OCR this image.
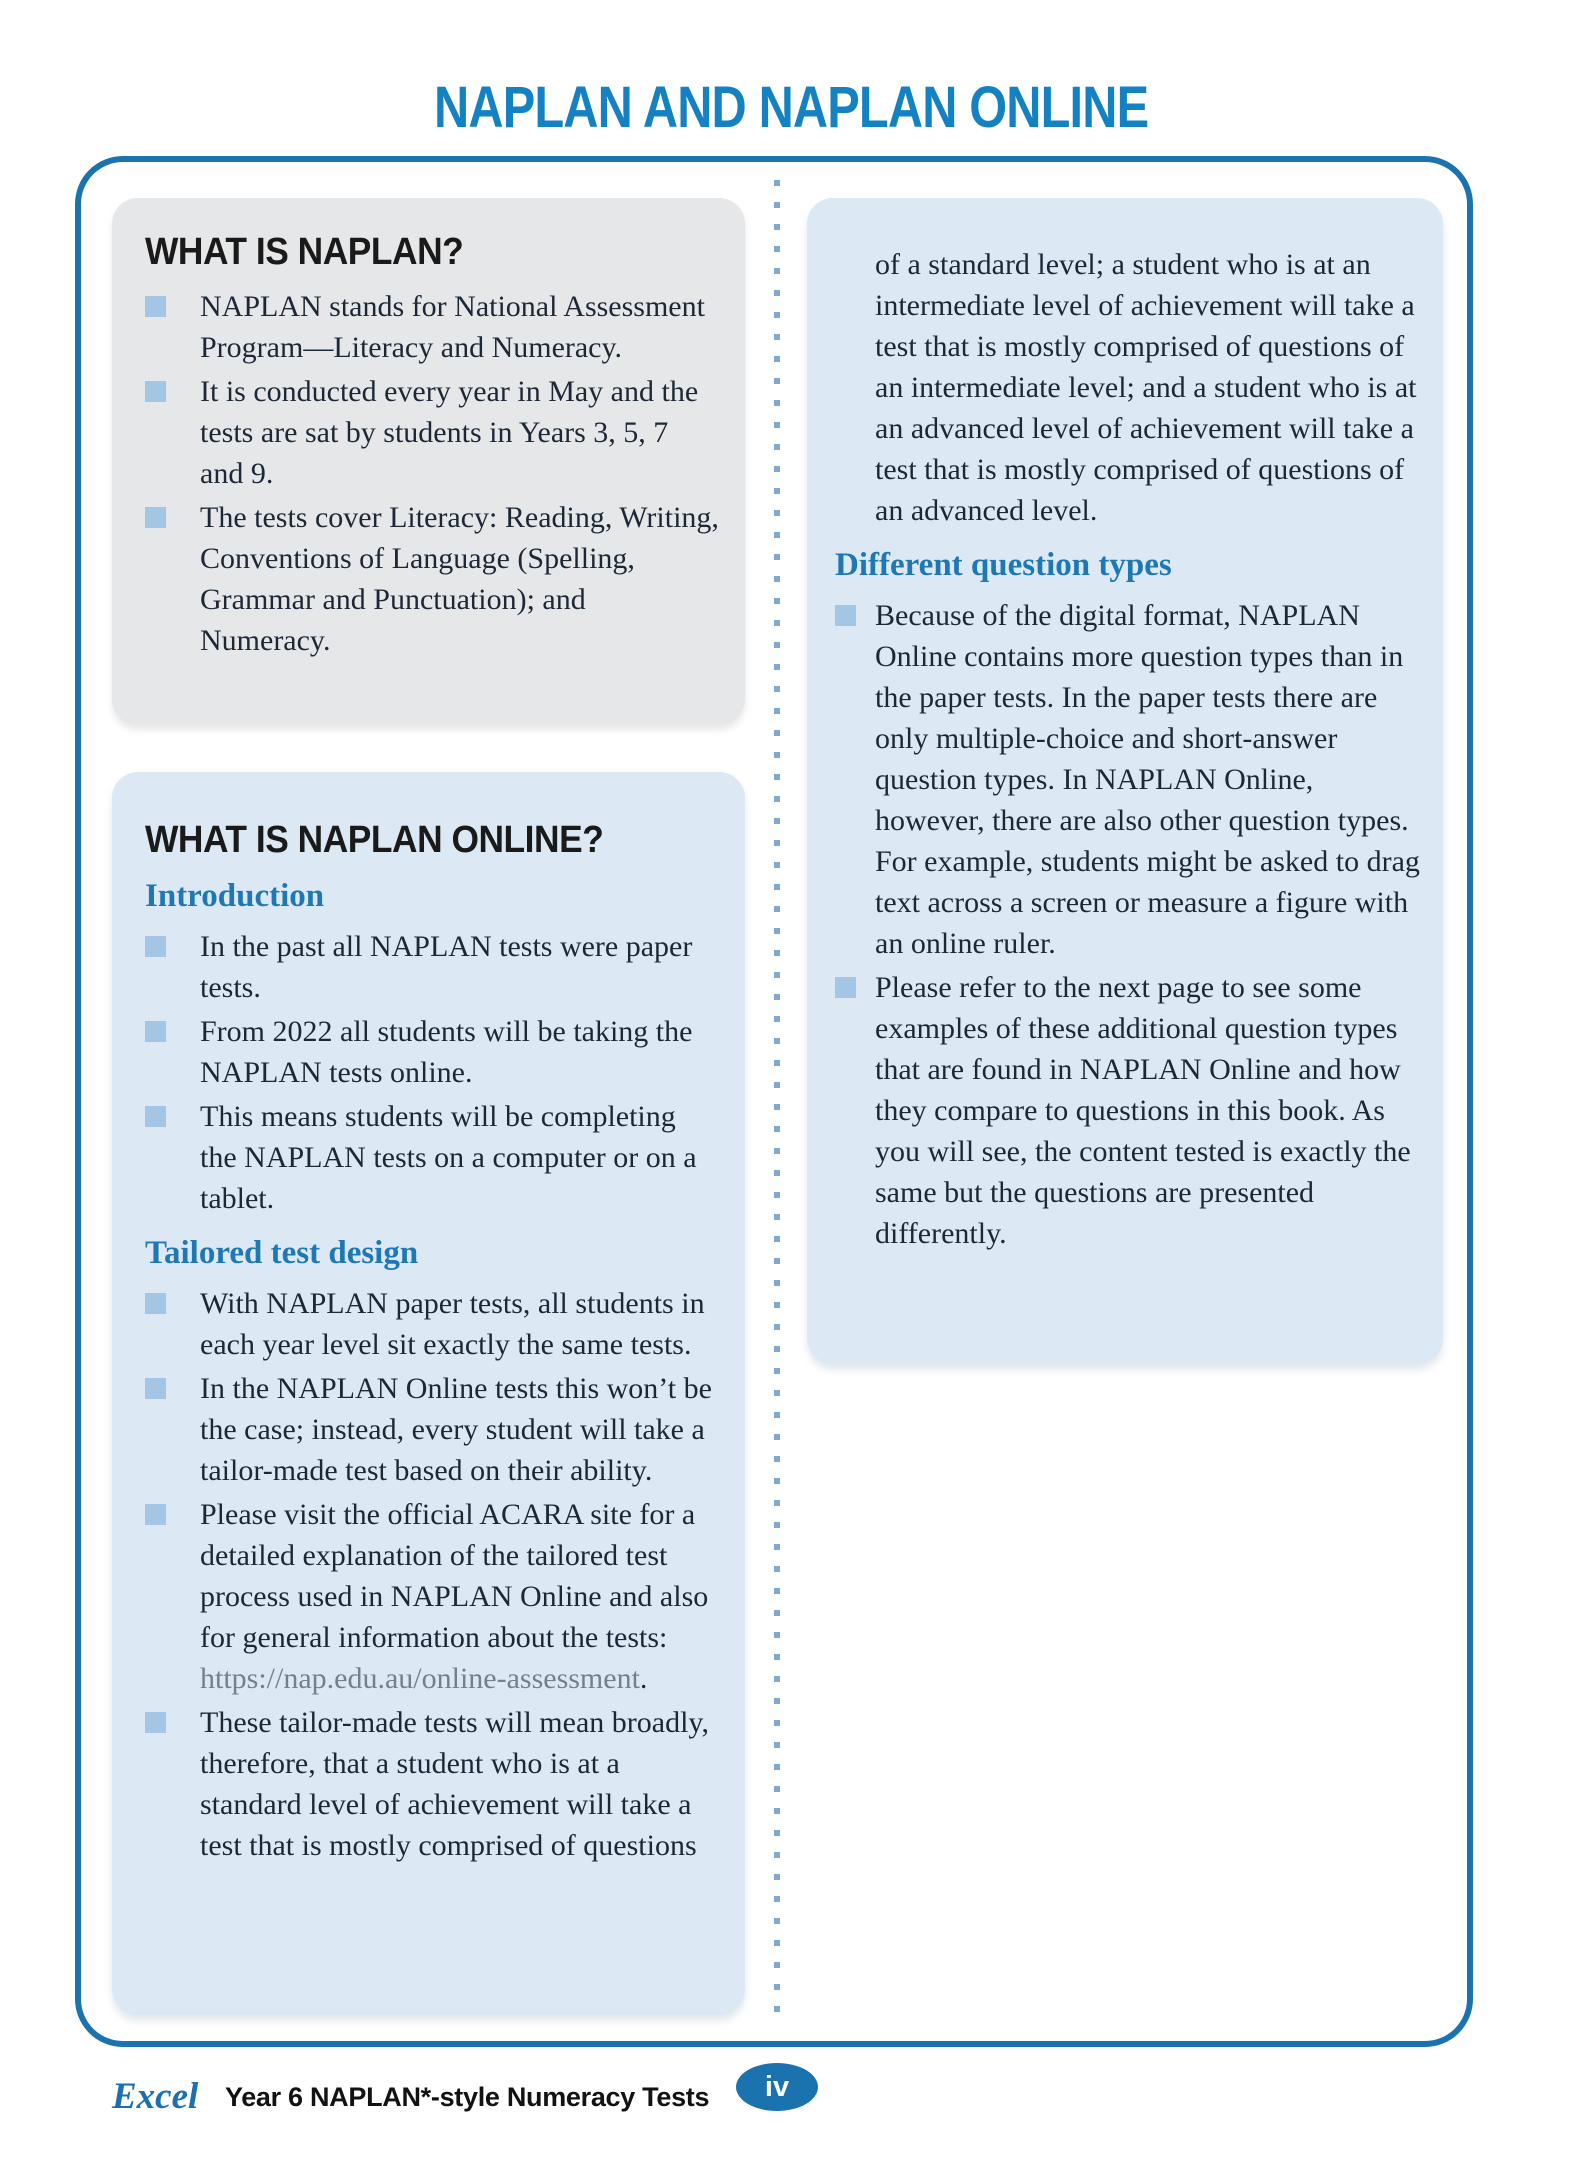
NAPLAN AND NAPLAN ONLINE
WHAT IS NAPLAN?
NAPLAN stands for National Assessment Program—Literacy and Numeracy.
It is conducted every year in May and the tests are sat by students in Years 3, 5, 7 and 9.
The tests cover Literacy: Reading, Writing, Conventions of Language (Spelling, Grammar and Punctuation); and Numeracy.
WHAT IS NAPLAN ONLINE?
Introduction
In the past all NAPLAN tests were paper tests.
From 2022 all students will be taking the NAPLAN tests online.
This means students will be completing the NAPLAN tests on a computer or on a tablet.
Tailored test design
With NAPLAN paper tests, all students in each year level sit exactly the same tests.
In the NAPLAN Online tests this won’t be the case; instead, every student will take a tailor-made test based on their ability.
Please visit the official ACARA site for a detailed explanation of the tailored test process used in NAPLAN Online and also for general information about the tests: https://nap.edu.au/online-assessment.
These tailor-made tests will mean broadly, therefore, that a student who is at a standard level of achievement will take a test that is mostly comprised of questions
of a standard level; a student who is at an intermediate level of achievement will take a test that is mostly comprised of questions of an intermediate level; and a student who is at an advanced level of achievement will take a test that is mostly comprised of questions of an advanced level.
Different question types
Because of the digital format, NAPLAN Online contains more question types than in the paper tests. In the paper tests there are only multiple-choice and short-answer question types. In NAPLAN Online, however, there are also other question types. For example, students might be asked to drag text across a screen or measure a figure with an online ruler.
Please refer to the next page to see some examples of these additional question types that are found in NAPLAN Online and how they compare to questions in this book. As you will see, the content tested is exactly the same but the questions are presented differently.
Excel Year 6 NAPLAN*-style Numeracy Tests iv
